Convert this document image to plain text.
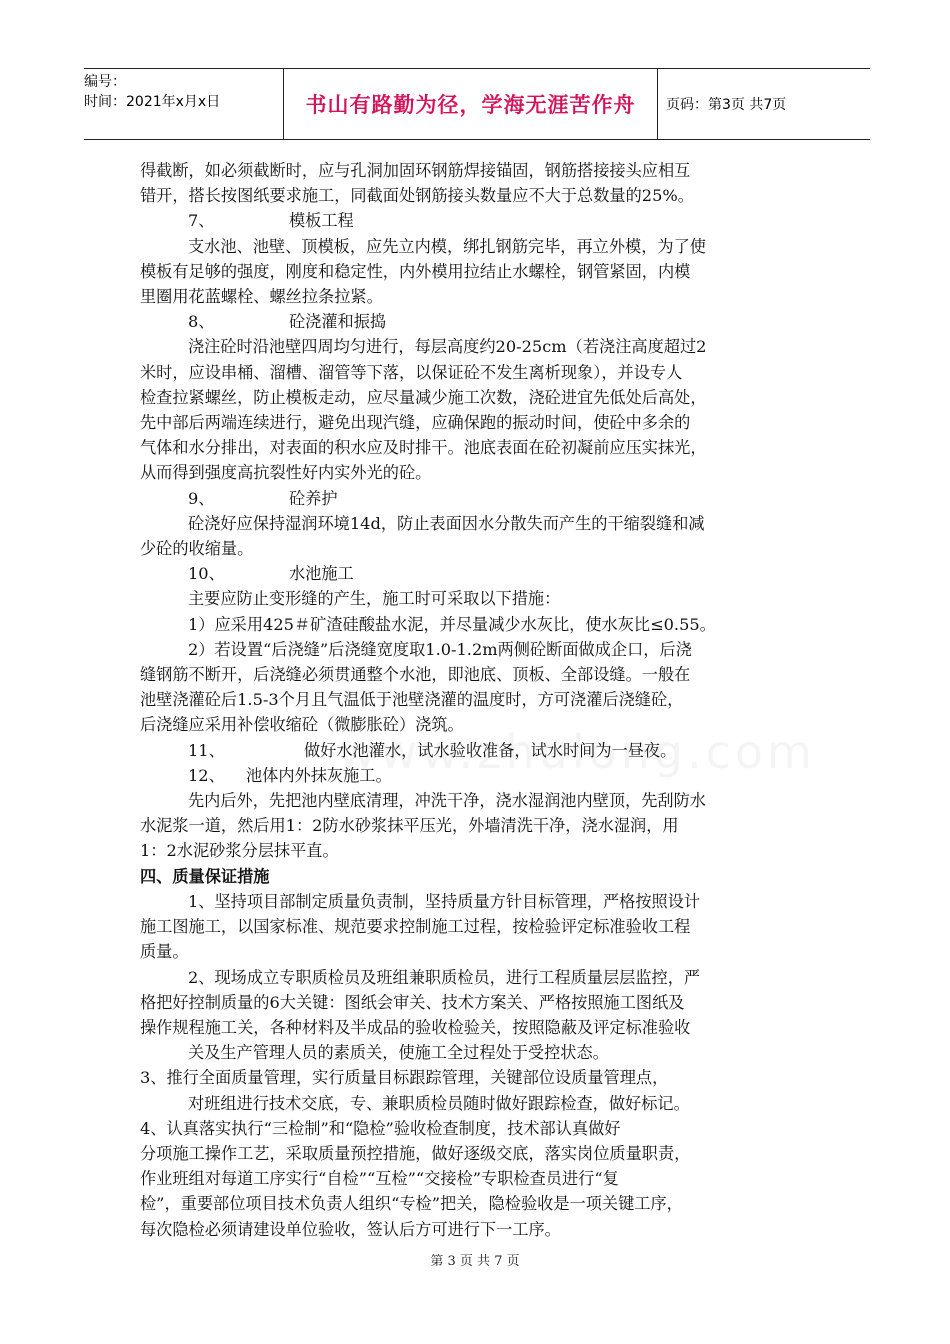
编号：
时间：2021年x月x日	书山有路勤为径，学海无涯苦作舟	页码：第3页 共7页

得截断，如必须截断时，应与孔洞加固环钢筋焊接锚固，钢筋搭接接头应相互

错开，搭长按图纸要求施工，同截面处钢筋接头数量应不大于总数量的25%。

7、	模板工程

支水池、池壁、顶模板，应先立内模，绑扎钢筋完毕，再立外模，为了使

模板有足够的强度，刚度和稳定性，内外模用拉结止水螺栓，钢管紧固，内模

里圈用花蓝螺栓、螺丝拉条拉紧。

8、	砼浇灌和振捣

浇注砼时沿池壁四周均匀进行，每层高度约20-25cm（若浇注高度超过2

米时，应设串桶、溜槽、溜管等下落，以保证砼不发生离析现象），并设专人

检查拉紧螺丝，防止模板走动，应尽量减少施工次数，浇砼进宜先低处后高处，

先中部后两端连续进行，避免出现汽缝，应确保跑的振动时间，使砼中多余的

气体和水分排出，对表面的积水应及时排干。池底表面在砼初凝前应压实抹光，

从而得到强度高抗裂性好内实外光的砼。

9、	砼养护

砼浇好应保持湿润环境14d，防止表面因水分散失而产生的干缩裂缝和减

少砼的收缩量。

10、	水池施工

主要应防止变形缝的产生，施工时可采取以下措施：

1）应采用425＃矿渣硅酸盐水泥，并尽量减少水灰比，使水灰比≤0.55。

2）若设置“后浇缝”后浇缝宽度取1.0-1.2m两侧砼断面做成企口，后浇

缝钢筋不断开，后浇缝必须贯通整个水池，即池底、顶板、全部设缝。一般在

池壁浇灌砼后1.5-3个月且气温低于池壁浇灌的温度时，方可浇灌后浇缝砼，

后浇缝应采用补偿收缩砼（微膨胀砼）浇筑。

11、	做好水池灌水，试水验收准备，试水时间为一昼夜。

12、 池体内外抹灰施工。

先内后外，先把池内壁底清理，冲洗干净，浇水湿润池内壁顶，先刮防水

水泥浆一道，然后用1：2防水砂浆抹平压光，外墙清洗干净，浇水湿润，用

1：2水泥砂浆分层抹平直。

四、质量保证措施

1、坚持项目部制定质量负责制，坚持质量方针目标管理，严格按照设计

施工图施工，以国家标准、规范要求控制施工过程，按检验评定标准验收工程

质量。

2、现场成立专职质检员及班组兼职质检员，进行工程质量层层监控，严

格把好控制质量的6大关键：图纸会审关、技术方案关、严格按照施工图纸及

操作规程施工关，各种材料及半成品的验收检验关，按照隐蔽及评定标准验收

关及生产管理人员的素质关，使施工全过程处于受控状态。

3、推行全面质量管理，实行质量目标跟踪管理，关键部位设质量管理点，

对班组进行技术交底，专、兼职质检员随时做好跟踪检查，做好标记。

4、认真落实执行“三检制”和“隐检”验收检查制度，技术部认真做好

分项施工操作工艺，采取质量预控措施，做好逐级交底，落实岗位质量职责，

作业班组对每道工序实行“自检”“互检”“交接检”专职检查员进行“复

检”，重要部位项目技术负责人组织“专检”把关，隐检验收是一项关键工序，

每次隐检必须请建设单位验收，签认后方可进行下一工序。

第 3 页 共 7 页
